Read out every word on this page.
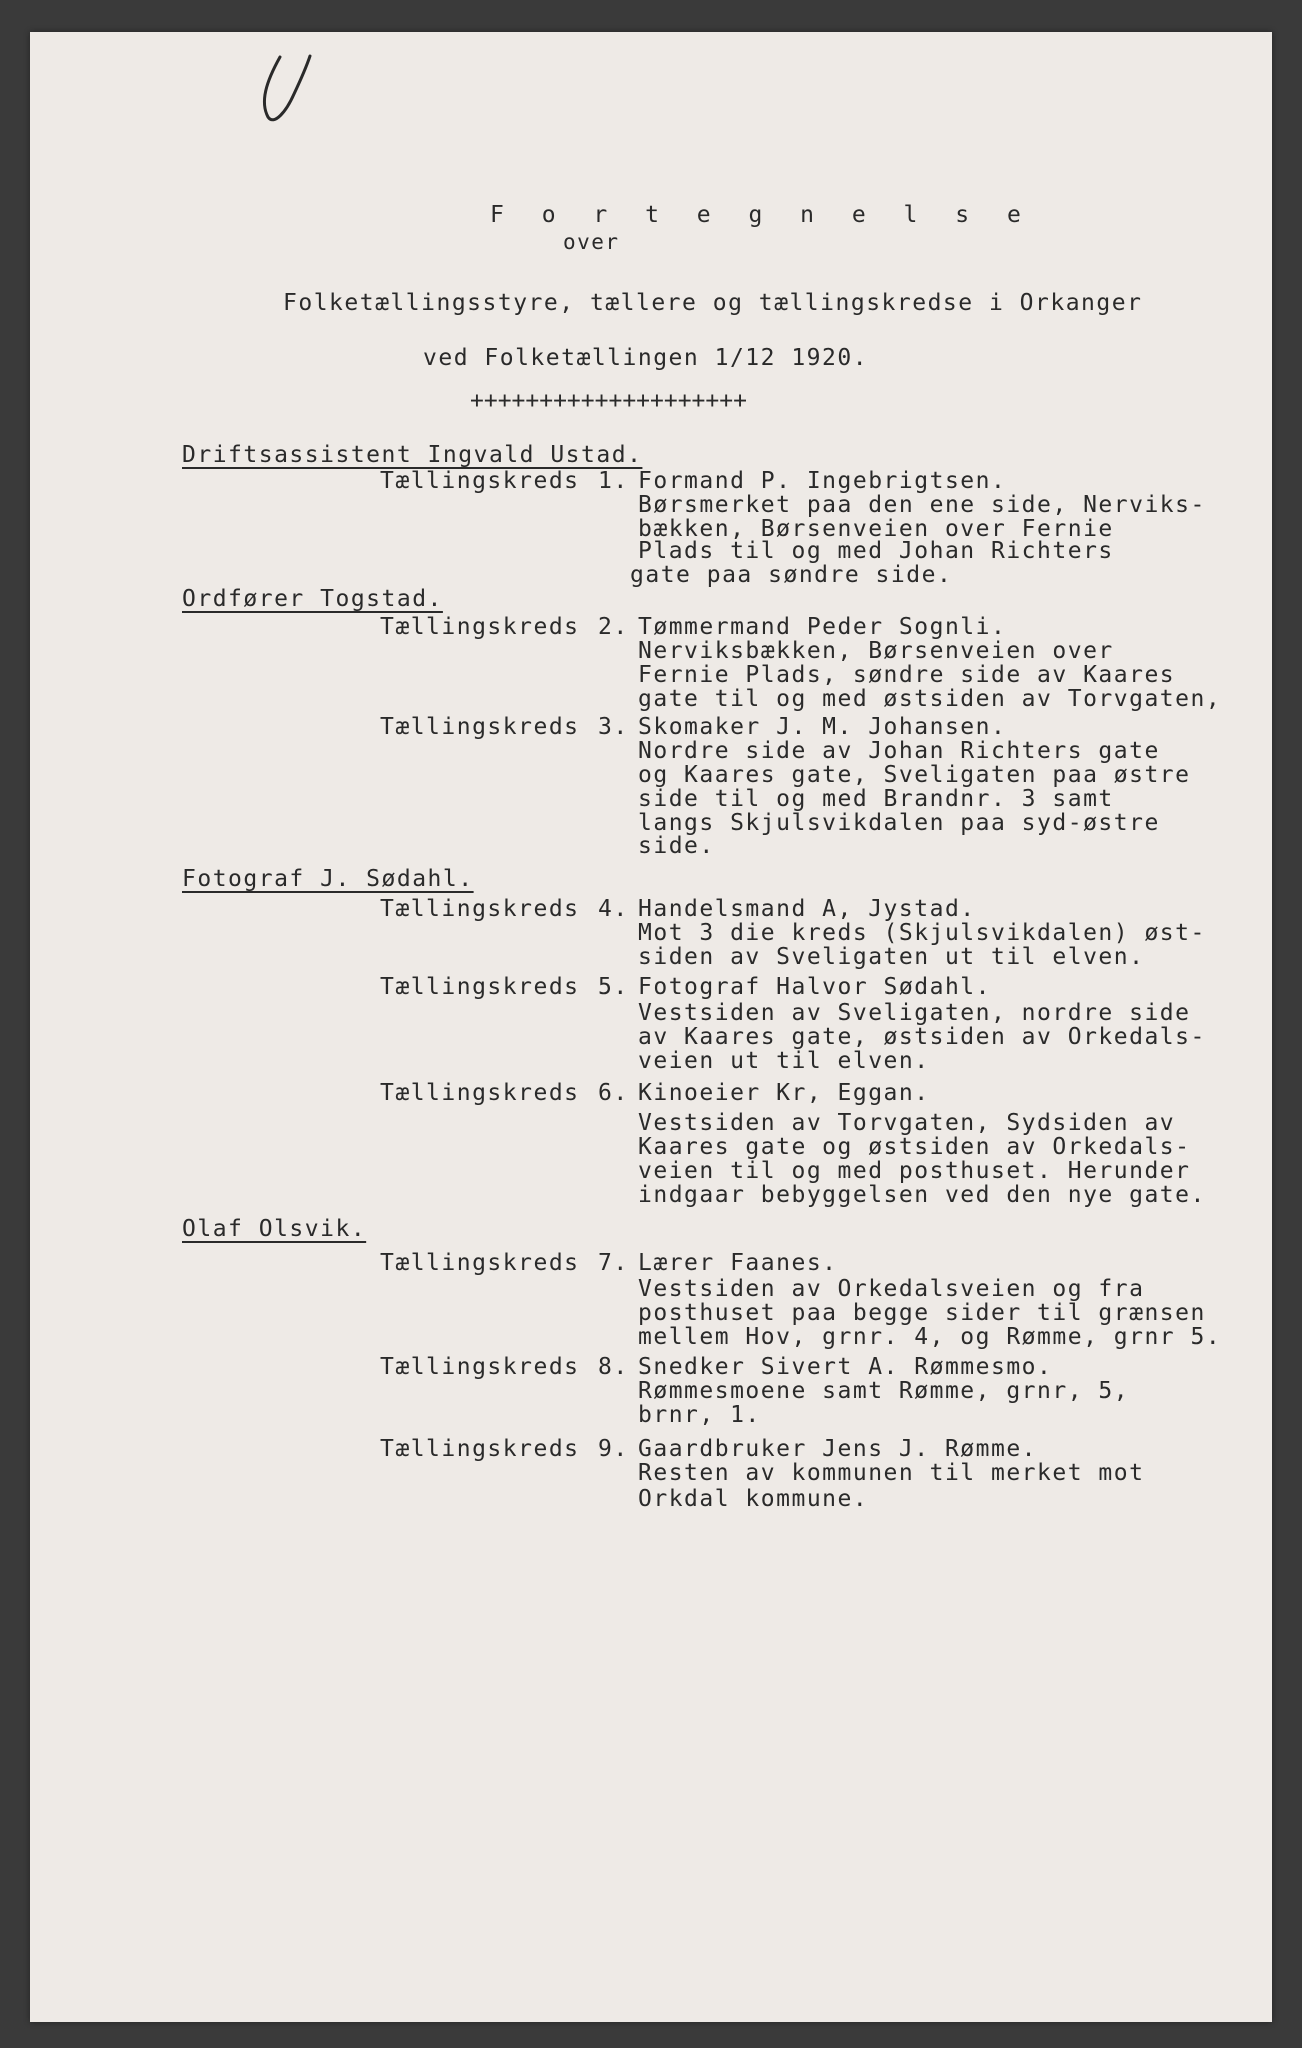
F o r t e g n e l s e
over
Folketællingsstyre, tællere og tællingskredse i Orkanger
ved Folketællingen 1/12 1920.
++++++++++++++++++++
Driftsassistent Ingvald Ustad.
Tællingskreds 1. Formand P. Ingebrigtsen.
Børsmerket paa den ene side, Nerviks-
bækken, Børsenveien over Fernie
Plads til og med Johan Richters
gate paa søndre side.
Ordfører Togstad.
Tællingskreds 2. Tømmermand Peder Sognli.
Nerviksbækken, Børsenveien over
Fernie Plads, søndre side av Kaares
gate til og med østsiden av Torvgaten,
Tællingskreds 3. Skomaker J. M. Johansen.
Nordre side av Johan Richters gate
og Kaares gate, Sveligaten paa østre
side til og med Brandnr. 3 samt
langs Skjulsvikdalen paa syd-østre
side.
Fotograf J. Sødahl.
Tællingskreds 4. Handelsmand A, Jystad.
Mot 3 die kreds (Skjulsvikdalen) øst-
siden av Sveligaten ut til elven.
Tællingskreds 5. Fotograf Halvor Sødahl.
Vestsiden av Sveligaten, nordre side
av Kaares gate, østsiden av Orkedals-
veien ut til elven.
Tællingskreds 6. Kinoeier Kr, Eggan.
Vestsiden av Torvgaten, Sydsiden av
Kaares gate og østsiden av Orkedals-
veien til og med posthuset. Herunder
indgaar bebyggelsen ved den nye gate.
Olaf Olsvik.
Tællingskreds 7. Lærer Faanes.
Vestsiden av Orkedalsveien og fra
posthuset paa begge sider til grænsen
mellem Hov, grnr. 4, og Rømme, grnr 5.
Tællingskreds 8. Snedker Sivert A. Rømmesmo.
Rømmesmoene samt Rømme, grnr, 5,
brnr, 1.
Tællingskreds 9. Gaardbruker Jens J. Rømme.
Resten av kommunen til merket mot
Orkdal kommune.
